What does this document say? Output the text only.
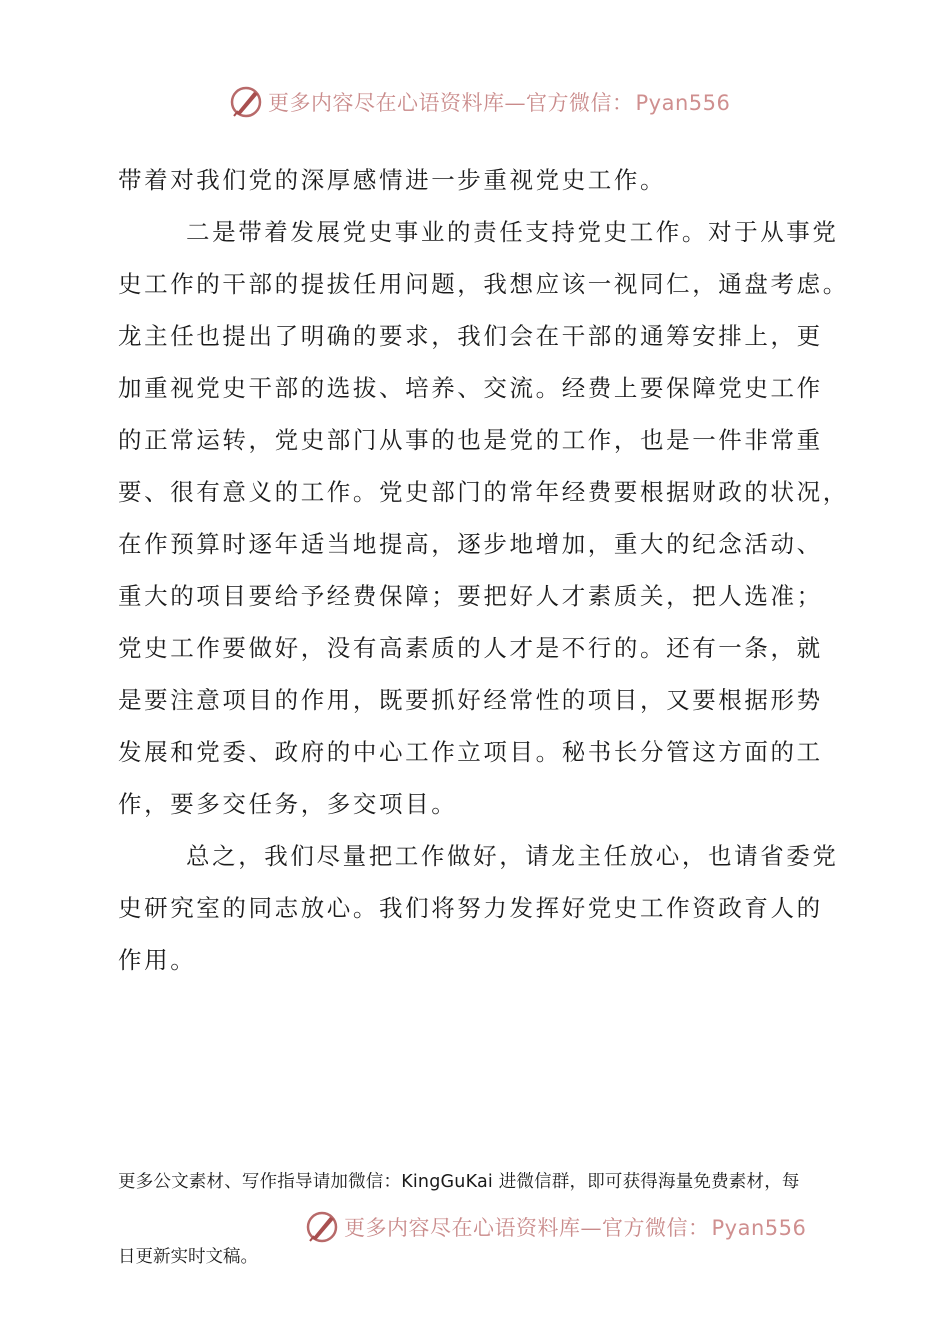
更多内容尽在心语资料库—官方微信：Pyan556
带着对我们党的深厚感情进一步重视党史工作。
二是带着发展党史事业的责任支持党史工作。对于从事党
史工作的干部的提拔任用问题，我想应该一视同仁，通盘考虑。
龙主任也提出了明确的要求，我们会在干部的通筹安排上，更
加重视党史干部的选拔、培养、交流。经费上要保障党史工作
的正常运转，党史部门从事的也是党的工作，也是一件非常重
要、很有意义的工作。党史部门的常年经费要根据财政的状况，
在作预算时逐年适当地提高，逐步地增加，重大的纪念活动、
重大的项目要给予经费保障；要把好人才素质关，把人选准；
党史工作要做好，没有高素质的人才是不行的。还有一条，就
是要注意项目的作用，既要抓好经常性的项目，又要根据形势
发展和党委、政府的中心工作立项目。秘书长分管这方面的工
作，要多交任务，多交项目。
总之，我们尽量把工作做好，请龙主任放心，也请省委党
史研究室的同志放心。我们将努力发挥好党史工作资政育人的
作用。
更多公文素材、写作指导请加微信：KingGuKai 进微信群，即可获得海量免费素材，每
更多内容尽在心语资料库—官方微信：Pyan556
日更新实时文稿。
